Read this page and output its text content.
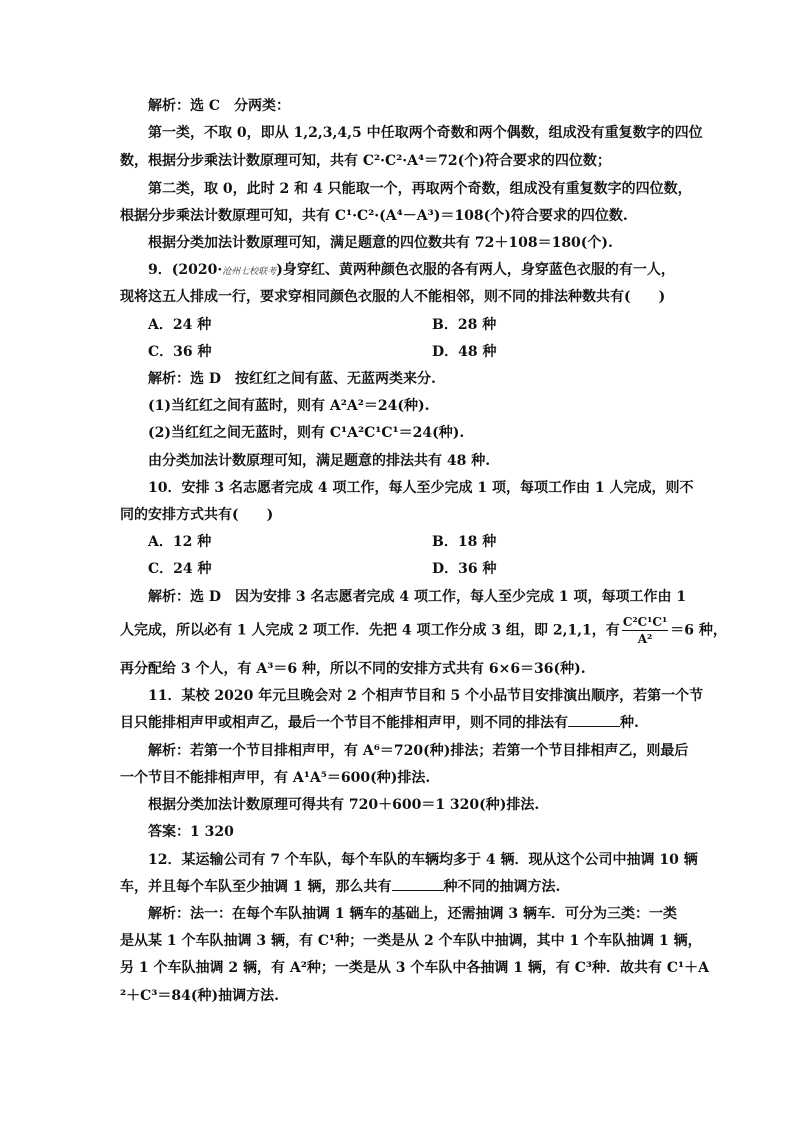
解析：选 C　分两类：
第一类，不取 0，即从 1,2,3,4,5 中任取两个奇数和两个偶数，组成没有重复数字的四位
数，根据分步乘法计数原理可知，共有 C²·C²·A⁴＝72(个)符合要求的四位数；
第二类，取 0，此时 2 和 4 只能取一个，再取两个奇数，组成没有重复数字的四位数，
根据分步乘法计数原理可知，共有 C¹·C²·(A⁴－A³)＝108(个)符合要求的四位数.
根据分类加法计数原理可知，满足题意的四位数共有 72＋108＝180(个).
9．(2020·沧州七校联考)身穿红、黄两种颜色衣服的各有两人，身穿蓝色衣服的有一人，
现将这五人排成一行，要求穿相同颜色衣服的人不能相邻，则不同的排法种数共有(　　)
A．24 种	B．28 种
C．36 种	D．48 种
解析：选 D　按红红之间有蓝、无蓝两类来分.
(1)当红红之间有蓝时，则有 A²A²＝24(种).
(2)当红红之间无蓝时，则有 C¹A²C¹C¹＝24(种).
由分类加法计数原理可知，满足题意的排法共有 48 种.
10．安排 3 名志愿者完成 4 项工作，每人至少完成 1 项，每项工作由 1 人完成，则不
同的安排方式共有(　　)
A．12 种	B．18 种
C．24 种	D．36 种
解析：选 D　因为安排 3 名志愿者完成 4 项工作，每人至少完成 1 项，每项工作由 1
人完成，所以必有 1 人完成 2 项工作．先把 4 项工作分成 3 组，即 2,1,1，有 $\frac{\text{C²C¹C¹}}{\text{A²}} =6$ 种，
再分配给 3 个人，有 A³＝6 种，所以不同的安排方式共有 6×6＝36(种).
11．某校 2020 年元旦晚会对 2 个相声节目和 5 个小品节目安排演出顺序，若第一个节
目只能排相声甲或相声乙，最后一个节目不能排相声甲，则不同的排法有	种.
解析：若第一个节目排相声甲，有 A⁶＝720(种)排法；若第一个节目排相声乙，则最后
一个节目不能排相声甲，有 A¹A⁵＝600(种)排法.
根据分类加法计数原理可得共有 720＋600＝1 320(种)排法.
答案：1 320
12．某运输公司有 7 个车队，每个车队的车辆均多于 4 辆．现从这个公司中抽调 10 辆
车，并且每个车队至少抽调 1 辆，那么共有	种不同的抽调方法.
解析：法一：在每个车队抽调 1 辆车的基础上，还需抽调 3 辆车．可分为三类：一类
是从某 1 个车队抽调 3 辆，有 C¹种；一类是从 2 个车队中抽调，其中 1 个车队抽调 1 辆，
另 1 个车队抽调 2 辆，有 A²种；一类是从 3 个车队中各抽调 1 辆，有 C³种．故共有 C¹＋A
²＋C³＝84(种)抽调方法.
